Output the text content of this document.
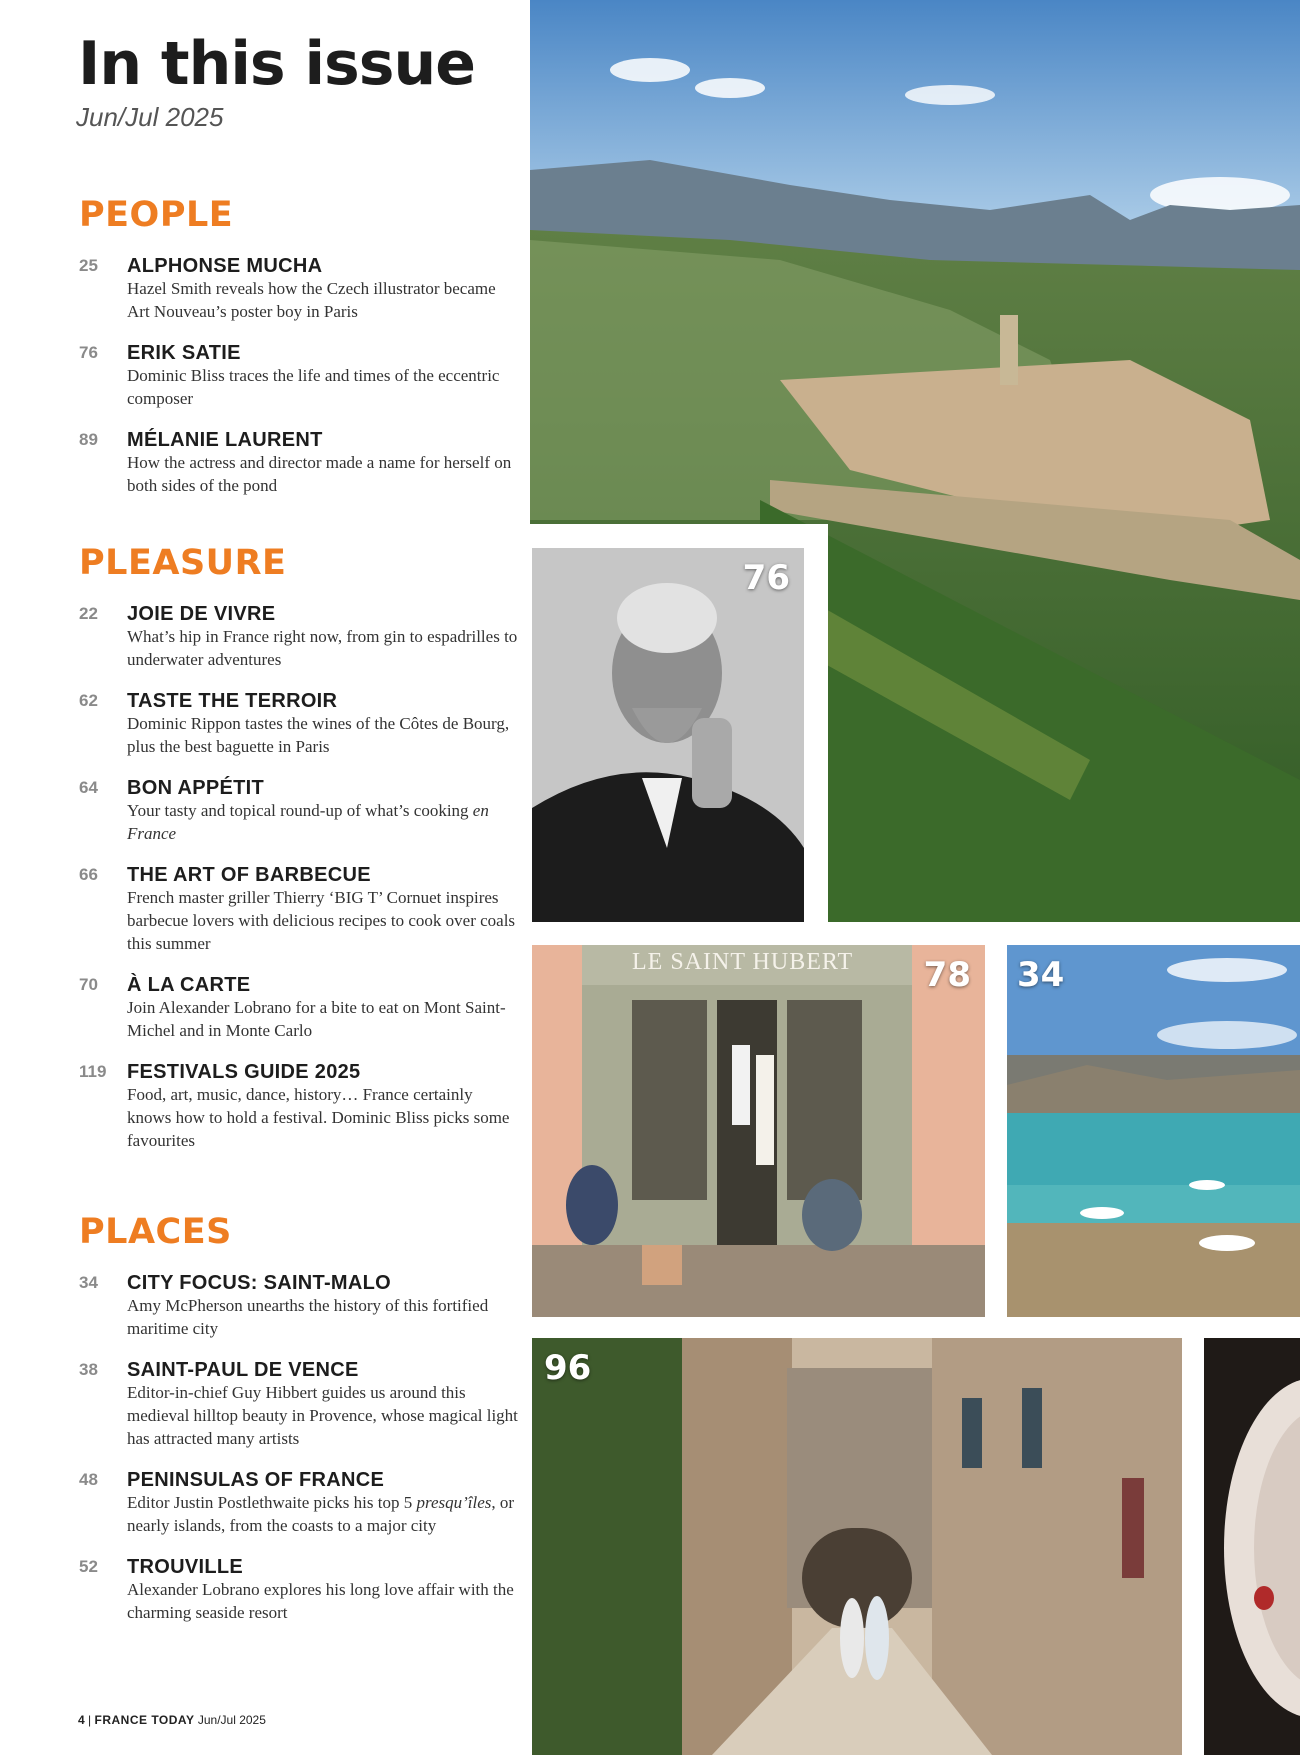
In this issue
Jun/Jul 2025
PEOPLE
25 ALPHONSE MUCHA
Hazel Smith reveals how the Czech illustrator became Art Nouveau’s poster boy in Paris
76 ERIK SATIE
Dominic Bliss traces the life and times of the eccentric composer
89 MÉLANIE LAURENT
How the actress and director made a name for herself on both sides of the pond
PLEASURE
22 JOIE DE VIVRE
What’s hip in France right now, from gin to espadrilles to underwater adventures
62 TASTE THE TERROIR
Dominic Rippon tastes the wines of the Côtes de Bourg, plus the best baguette in Paris
64 BON APPÉTIT
Your tasty and topical round-up of what’s cooking en France
66 THE ART OF BARBECUE
French master griller Thierry ‘BIG T’ Cornuet inspires barbecue lovers with delicious recipes to cook over coals this summer
70 À LA CARTE
Join Alexander Lobrano for a bite to eat on Mont Saint-Michel and in Monte Carlo
119 FESTIVALS GUIDE 2025
Food, art, music, dance, history… France certainly knows how to hold a festival. Dominic Bliss picks some favourites
PLACES
34 CITY FOCUS: SAINT-MALO
Amy McPherson unearths the history of this fortified maritime city
38 SAINT-PAUL DE VENCE
Editor-in-chief Guy Hibbert guides us around this medieval hilltop beauty in Provence, whose magical light has attracted many artists
48 PENINSULAS OF FRANCE
Editor Justin Postlethwaite picks his top 5 presqu’îles, or nearly islands, from the coasts to a major city
52 TROUVILLE
Alexander Lobrano explores his long love affair with the charming seaside resort
4 | FRANCE TODAY Jun/Jul 2025
76
LE SAINT HUBERT 78 34
96
